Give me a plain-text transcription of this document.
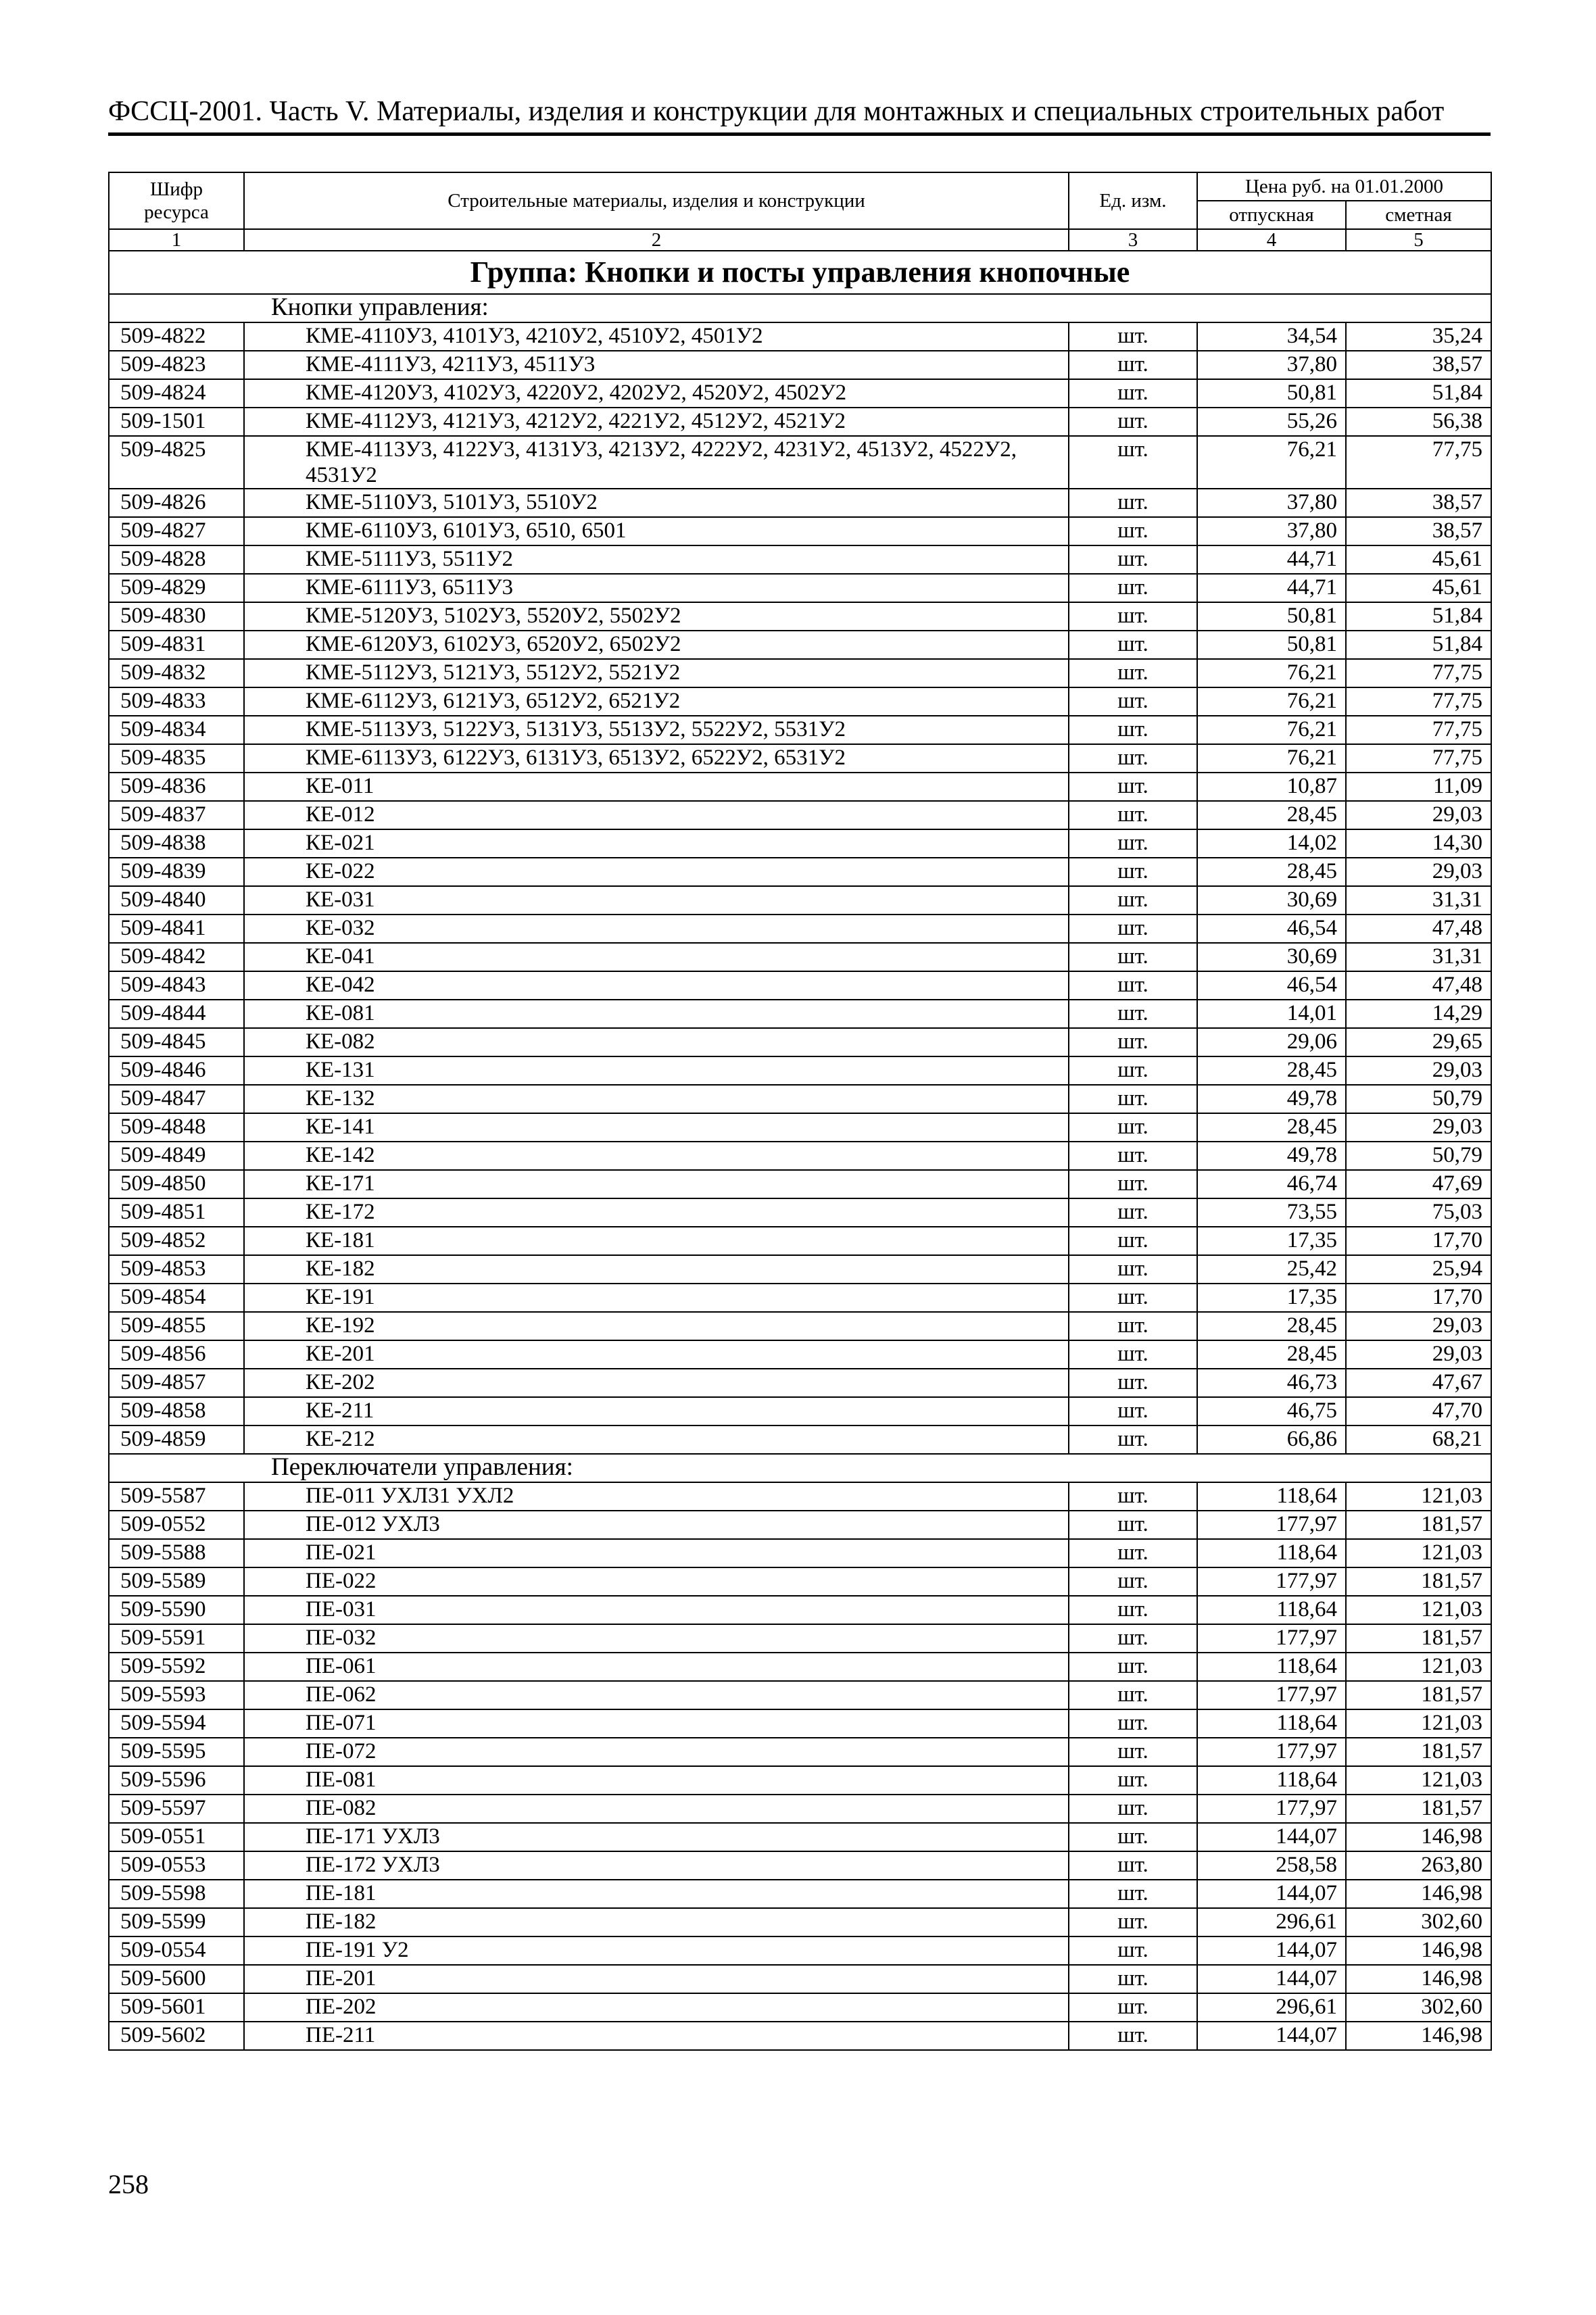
ФССЦ-2001. Часть V. Материалы, изделия и конструкции для монтажных и специальных строительных работ
Шифр ресурса	Строительные материалы, изделия и конструкции	Ед. изм.	Цена руб. на 01.01.2000	
			отпускная	сметная
1	2	3	4	5
Группа: Кнопки и посты управления кнопочные				
	Кнопки управления:			
509-4822	КМЕ-4110У3, 4101У3, 4210У2, 4510У2, 4501У2	шт.	34,54	35,24
509-4823	КМЕ-4111У3, 4211У3, 4511У3	шт.	37,80	38,57
509-4824	КМЕ-4120У3, 4102У3, 4220У2, 4202У2, 4520У2, 4502У2	шт.	50,81	51,84
509-1501	КМЕ-4112У3, 4121У3, 4212У2, 4221У2, 4512У2, 4521У2	шт.	55,26	56,38
509-4825	КМЕ-4113У3, 4122У3, 4131У3, 4213У2, 4222У2, 4231У2, 4513У2, 4522У2, 4531У2	шт.	76,21	77,75
509-4826	КМЕ-5110У3, 5101У3, 5510У2	шт.	37,80	38,57
509-4827	КМЕ-6110У3, 6101У3, 6510, 6501	шт.	37,80	38,57
509-4828	КМЕ-5111У3, 5511У2	шт.	44,71	45,61
509-4829	КМЕ-6111У3, 6511У3	шт.	44,71	45,61
509-4830	КМЕ-5120У3, 5102У3, 5520У2, 5502У2	шт.	50,81	51,84
509-4831	КМЕ-6120У3, 6102У3, 6520У2, 6502У2	шт.	50,81	51,84
509-4832	КМЕ-5112У3, 5121У3, 5512У2, 5521У2	шт.	76,21	77,75
509-4833	КМЕ-6112У3, 6121У3, 6512У2, 6521У2	шт.	76,21	77,75
509-4834	КМЕ-5113У3, 5122У3, 5131У3, 5513У2, 5522У2, 5531У2	шт.	76,21	77,75
509-4835	КМЕ-6113У3, 6122У3, 6131У3, 6513У2, 6522У2, 6531У2	шт.	76,21	77,75
509-4836	КЕ-011	шт.	10,87	11,09
509-4837	КЕ-012	шт.	28,45	29,03
509-4838	КЕ-021	шт.	14,02	14,30
509-4839	КЕ-022	шт.	28,45	29,03
509-4840	КЕ-031	шт.	30,69	31,31
509-4841	КЕ-032	шт.	46,54	47,48
509-4842	КЕ-041	шт.	30,69	31,31
509-4843	КЕ-042	шт.	46,54	47,48
509-4844	КЕ-081	шт.	14,01	14,29
509-4845	КЕ-082	шт.	29,06	29,65
509-4846	КЕ-131	шт.	28,45	29,03
509-4847	КЕ-132	шт.	49,78	50,79
509-4848	КЕ-141	шт.	28,45	29,03
509-4849	КЕ-142	шт.	49,78	50,79
509-4850	КЕ-171	шт.	46,74	47,69
509-4851	КЕ-172	шт.	73,55	75,03
509-4852	КЕ-181	шт.	17,35	17,70
509-4853	КЕ-182	шт.	25,42	25,94
509-4854	КЕ-191	шт.	17,35	17,70
509-4855	КЕ-192	шт.	28,45	29,03
509-4856	КЕ-201	шт.	28,45	29,03
509-4857	КЕ-202	шт.	46,73	47,67
509-4858	КЕ-211	шт.	46,75	47,70
509-4859	КЕ-212	шт.	66,86	68,21
	Переключатели управления:			
509-5587	ПЕ-011 УХЛ31 УХЛ2	шт.	118,64	121,03
509-0552	ПЕ-012 УХЛ3	шт.	177,97	181,57
509-5588	ПЕ-021	шт.	118,64	121,03
509-5589	ПЕ-022	шт.	177,97	181,57
509-5590	ПЕ-031	шт.	118,64	121,03
509-5591	ПЕ-032	шт.	177,97	181,57
509-5592	ПЕ-061	шт.	118,64	121,03
509-5593	ПЕ-062	шт.	177,97	181,57
509-5594	ПЕ-071	шт.	118,64	121,03
509-5595	ПЕ-072	шт.	177,97	181,57
509-5596	ПЕ-081	шт.	118,64	121,03
509-5597	ПЕ-082	шт.	177,97	181,57
509-0551	ПЕ-171 УХЛ3	шт.	144,07	146,98
509-0553	ПЕ-172 УХЛ3	шт.	258,58	263,80
509-5598	ПЕ-181	шт.	144,07	146,98
509-5599	ПЕ-182	шт.	296,61	302,60
509-0554	ПЕ-191 У2	шт.	144,07	146,98
509-5600	ПЕ-201	шт.	144,07	146,98
509-5601	ПЕ-202	шт.	296,61	302,60
509-5602	ПЕ-211	шт.	144,07	146,98
258
